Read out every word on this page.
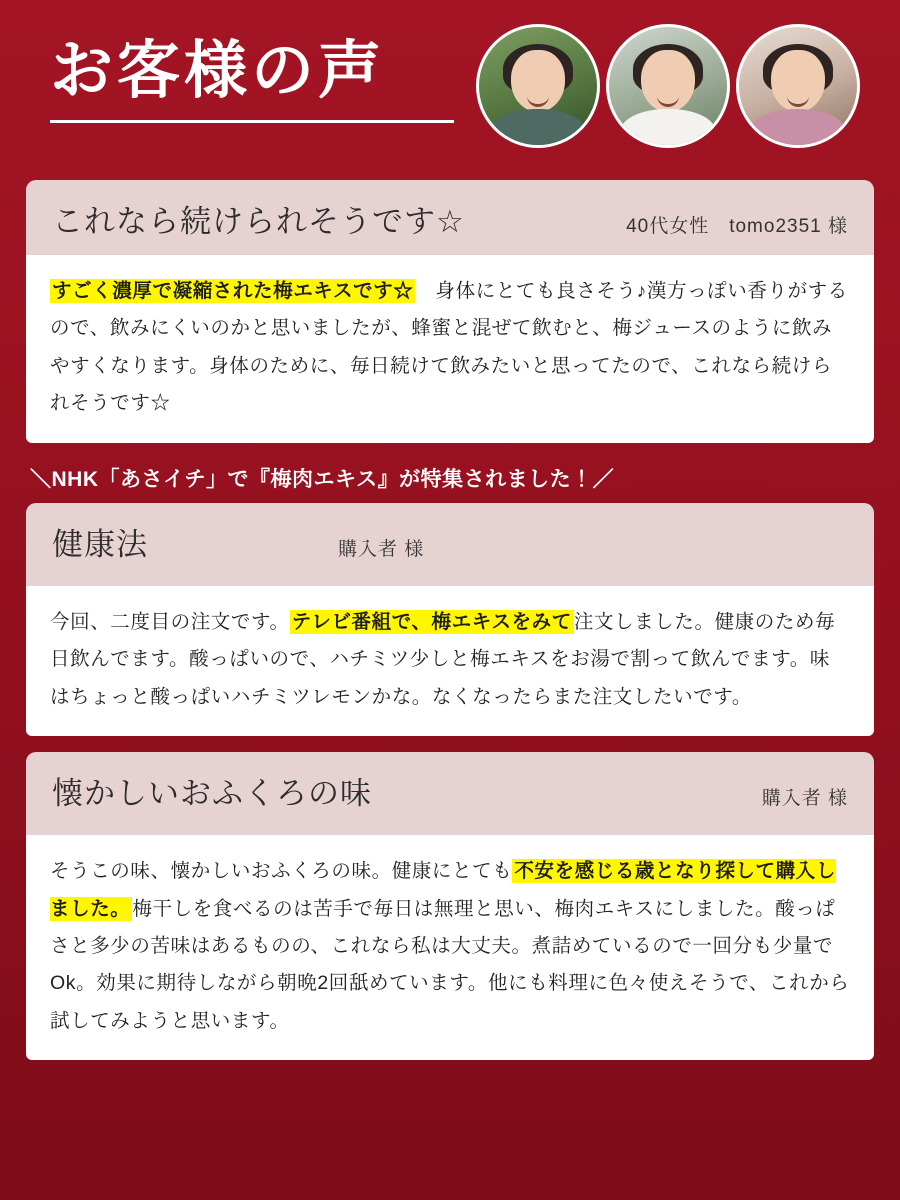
お客様の声
これなら続けられそうです☆	40代女性　tomo2351 様

すごく濃厚で凝縮された梅エキスです☆　身体にとても良さそう♪漢方っぽい香りがするので、飲みにくいのかと思いましたが、蜂蜜と混ぜて飲むと、梅ジュースのように飲みやすくなります。身体のために、毎日続けて飲みたいと思ってたので、これなら続けられそうです☆

＼NHK「あさイチ」で『梅肉エキス』が特集されました！／
健康法	購入者 様

今回、二度目の注文です。 テレビ番組で、梅エキスをみて 注文しました。健康のため毎日飲んでます。酸っぱいので、ハチミツ少しと梅エキスをお湯で割って飲んでます。味はちょっと酸っぱいハチミツレモンかな。なくなったらまた注文したいです。

懐かしいおふくろの味	購入者 様

そうこの味、懐かしいおふくろの味。健康にとても 不安を感じる歳となり探して購入しました。 梅干しを食べるのは苦手で毎日は無理と思い、梅肉エキスにしました。酸っぱさと多少の苦味はあるものの、これなら私は大丈夫。煮詰めているので一回分も少量でOk。効果に期待しながら朝晩2回舐めています。他にも料理に色々使えそうで、これから試してみようと思います。
